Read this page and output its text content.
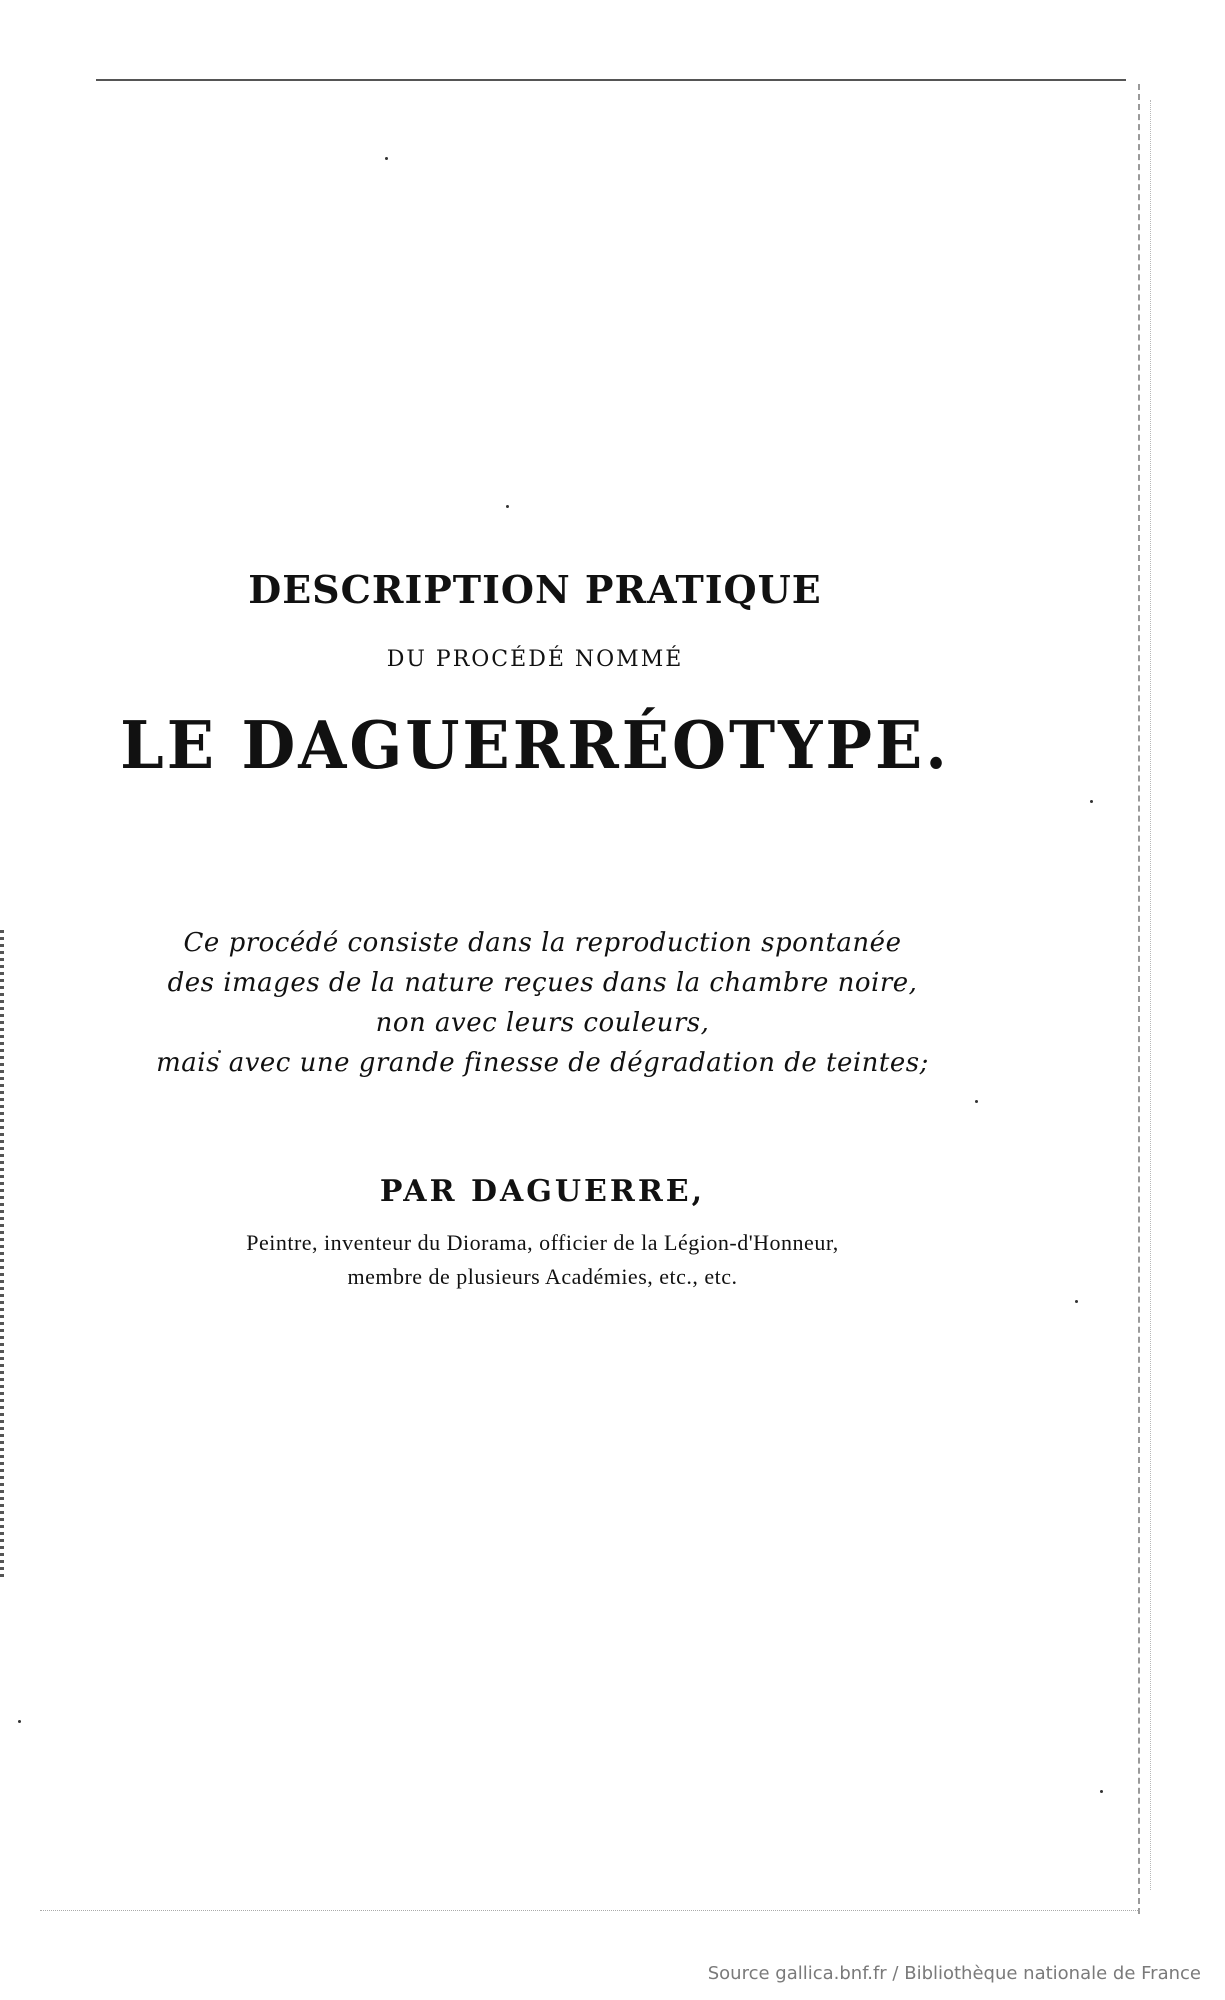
DESCRIPTION PRATIQUE
DU PROCÉDÉ NOMMÉ
LE DAGUERRÉOTYPE.
Ce procédé consiste dans la reproduction spontanée
des images de la nature reçues dans la chambre noire,
non avec leurs couleurs,
mais avec une grande finesse de dégradation de teintes;
PAR DAGUERRE,
Peintre, inventeur du Diorama, officier de la Légion-d'Honneur,
membre de plusieurs Académies, etc., etc.
Source gallica.bnf.fr / Bibliothèque nationale de France
